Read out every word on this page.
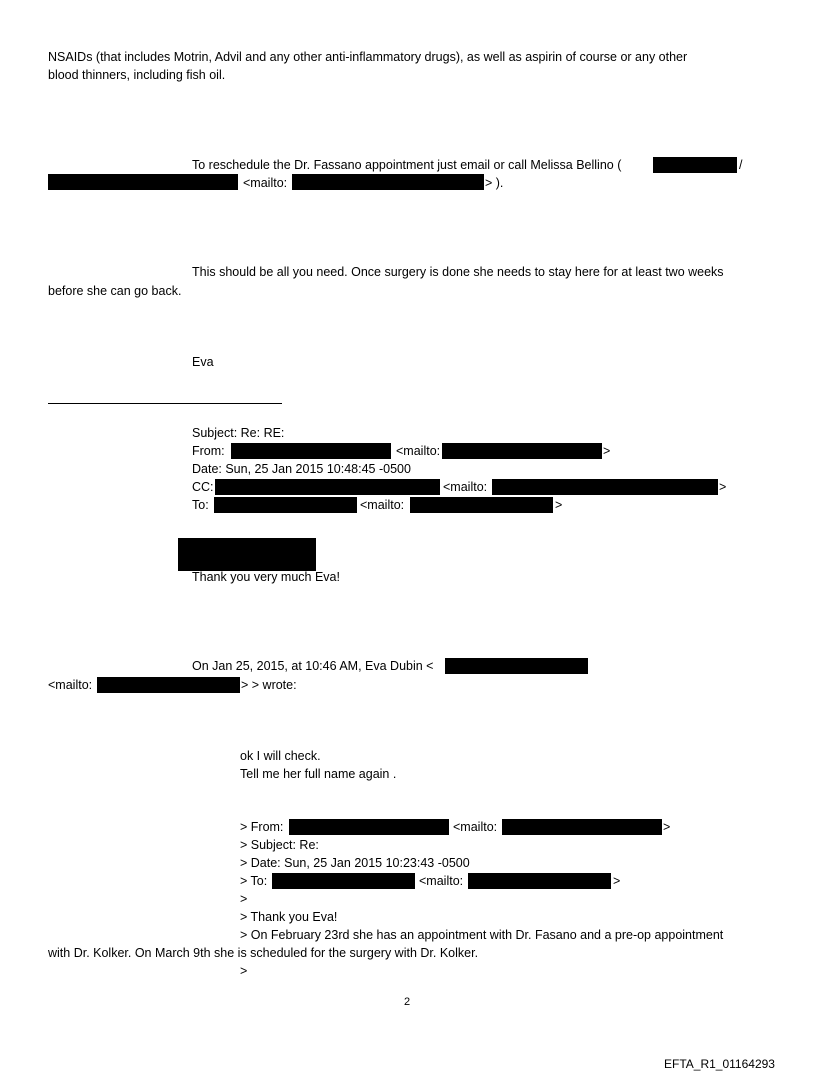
NSAIDs (that includes Motrin, Advil and any other anti-inflammatory drugs), as well as aspirin of course or any other
blood thinners, including fish oil.
To reschedule the Dr. Fassano appointment just email or call Melissa Bellino (	/
<mailto:	> ).
This should be all you need. Once surgery is done she needs to stay here for at least two weeks
before she can go back.
Eva
Subject: Re: RE:
From:	<mailto:	>
Date: Sun, 25 Jan 2015 10:48:45 -0500
CC:	<mailto:	>
To:	<mailto:	>
Thank you very much Eva!
On Jan 25, 2015, at 10:46 AM, Eva Dubin <
<mailto:	> > wrote:
ok I will check.
Tell me her full name again .
> From:	<mailto:	>
> Subject: Re:
> Date: Sun, 25 Jan 2015 10:23:43 -0500
> To:	<mailto:	>
>
> Thank you Eva!
> On February 23rd she has an appointment with Dr. Fasano and a pre-op appointment
with Dr. Kolker. On March 9th she is scheduled for the surgery with Dr. Kolker.
>
2
EFTA_R1_01164293
